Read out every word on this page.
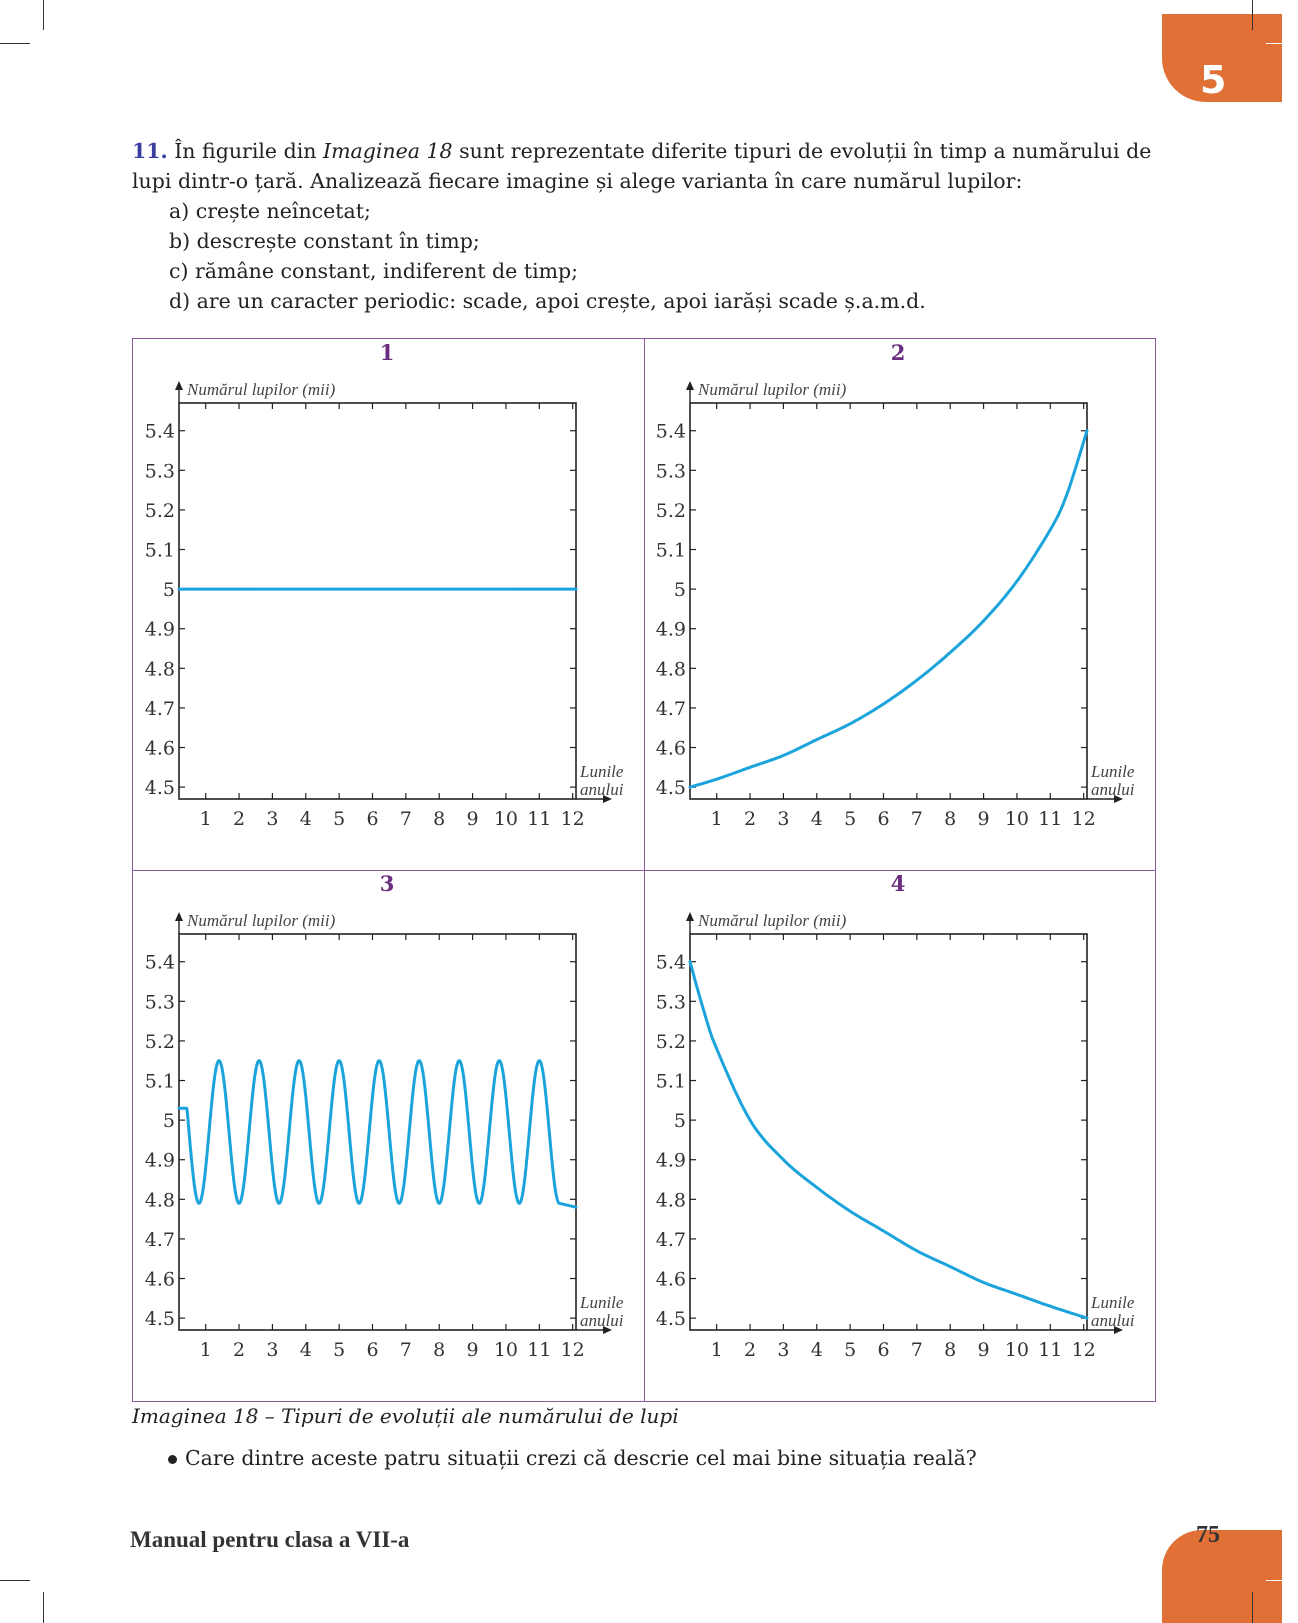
5

11. În figurile din Imaginea 18 sunt reprezentate diferite tipuri de evoluții în timp a numărului de lupi dintr-o țară. Analizează fiecare imagine și alege varianta în care numărul lupilor:

a) crește neîncetat;

b) descrește constant în timp;

c) rămâne constant, indiferent de timp;

d) are un caracter periodic: scade, apoi crește, apoi iarăși scade ș.a.m.d.

1
Numărul lupilor (mii)
Lunile
anului
1 2 3 4 5 6 7 8 9 10 11 12
5.4
5.3
5.2
5.1
5
4.9
4.8
4.7
4.6
4.5
2
Numărul lupilor (mii)
Lunile
anului
1 2 3 4 5 6 7 8 9 10 11 12
5.4
5.3
5.2
5.1
5
4.9
4.8
4.7
4.6
4.5
3
Numărul lupilor (mii)
Lunile
anului
1 2 3 4 5 6 7 8 9 10 11 12
5.4
5.3
5.2
5.1
5
4.9
4.8
4.7
4.6
4.5
4
Numărul lupilor (mii)
Lunile
anului
1 2 3 4 5 6 7 8 9 10 11 12
5.4
5.3
5.2
5.1
5
4.9
4.8
4.7
4.6
4.5
Imaginea 18 – Tipuri de evoluții ale numărului de lupi
Care dintre aceste patru situații crezi că descrie cel mai bine situația reală?
Manual pentru clasa a VII-a	75
